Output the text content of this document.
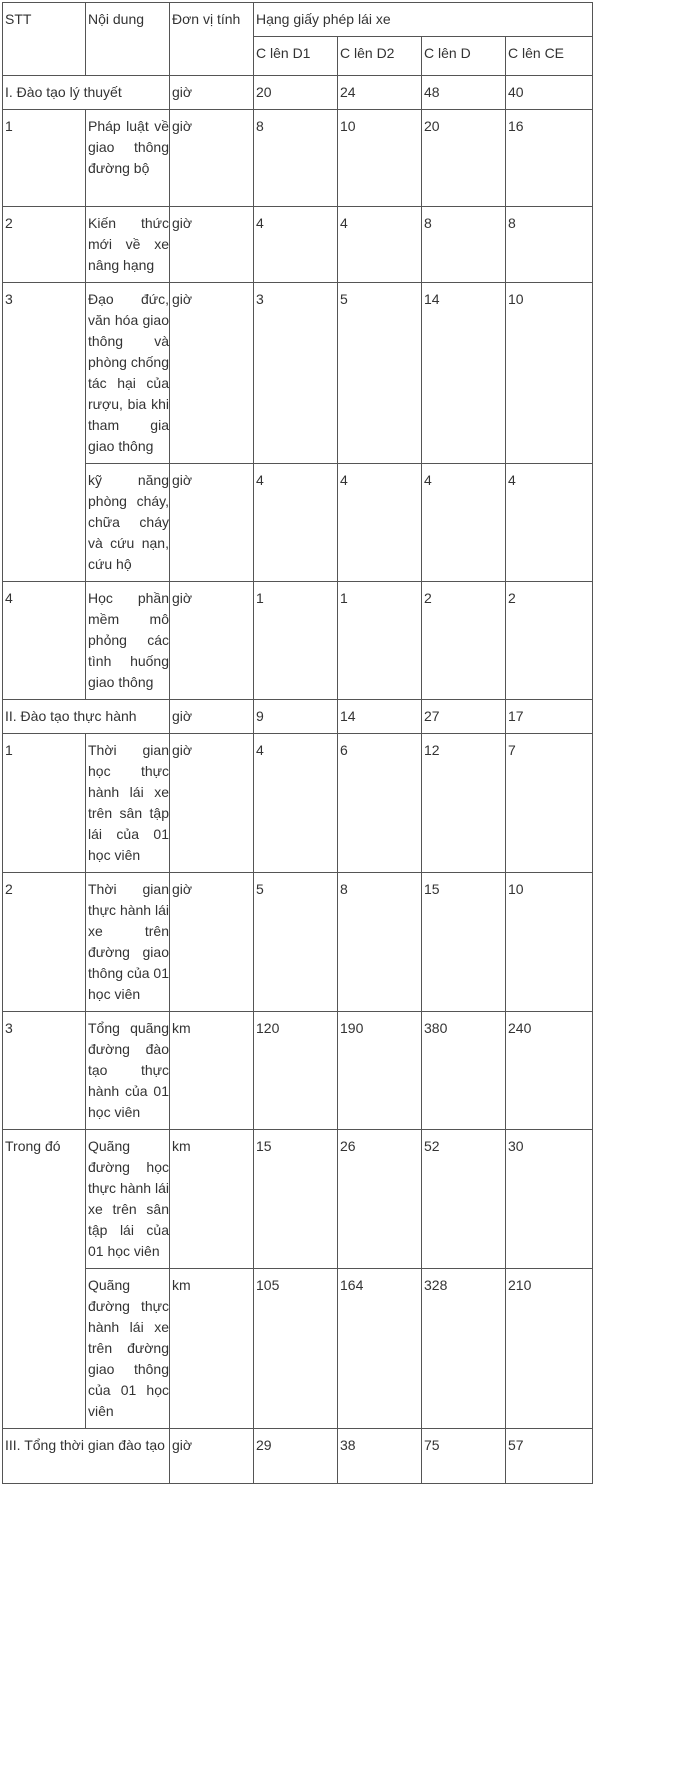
STT	Nội dung	Đơn vị tính	Hạng giấy phép lái xe			
			C lên D1	C lên D2	C lên D	C lên CE
I. Đào tạo lý thuyết		giờ	20	24	48	40
1	Pháp luật về giao thông đường bộ	giờ	8	10	20	16
2	Kiến thức mới về xe nâng hạng	giờ	4	4	8	8
3	Đạo đức, văn hóa giao thông và phòng chống tác hại của rượu, bia khi tham gia giao thông	giờ	3	5	14	10
	kỹ năng phòng cháy, chữa cháy và cứu nạn, cứu hộ	giờ	4	4	4	4
4	Học phần mềm mô phỏng các tình huống giao thông	giờ	1	1	2	2
II. Đào tạo thực hành		giờ	9	14	27	17
1	Thời gian học thực hành lái xe trên sân tập lái của 01 học viên	giờ	4	6	12	7
2	Thời gian thực hành lái xe trên đường giao thông của 01 học viên	giờ	5	8	15	10
3	Tổng quãng đường đào tạo thực hành của 01 học viên	km	120	190	380	240
Trong đó	Quãng đường học thực hành lái xe trên sân tập lái của 01 học viên	km	15	26	52	30
	Quãng đường thực hành lái xe trên đường giao thông của 01 học viên	km	105	164	328	210
III. Tổng thời gian đào tạo		giờ	29	38	75	57
